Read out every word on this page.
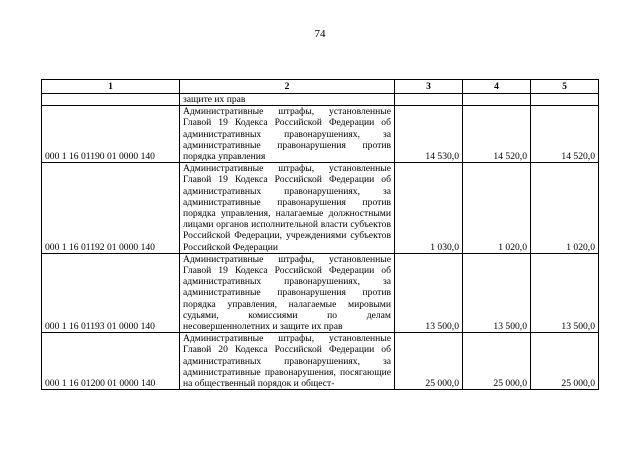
74
1	2	3	4	5
	защите их прав			
000 1 16 01190 01 0000 140	Административные штрафы, установленные Главой 19 Кодекса Российской Федерации об административных правонарушениях, за административные правонарушения против порядка управления	14 530,0	14 520,0	14 520,0
000 1 16 01192 01 0000 140	Административные штрафы, установленные Главой 19 Кодекса Российской Федерации об административных правонарушениях, за административные правонарушения против порядка управления, налагаемые должностными лицами органов исполнительной власти субъектов Российской Федерации, учреждениями субъектов Российской Федерации	1 030,0	1 020,0	1 020,0
000 1 16 01193 01 0000 140	Административные штрафы, установленные Главой 19 Кодекса Российской Федерации об административных правонарушениях, за административные правонарушения против порядка управления, налагаемые мировыми судьями, комиссиями по делам несовершеннолетних и защите их прав	13 500,0	13 500,0	13 500,0
000 1 16 01200 01 0000 140	Административные штрафы, установленные Главой 20 Кодекса Российской Федерации об административных правонарушениях, за административные правонарушения, посягающие на общественный порядок и общест-	25 000,0	25 000,0	25 000,0
